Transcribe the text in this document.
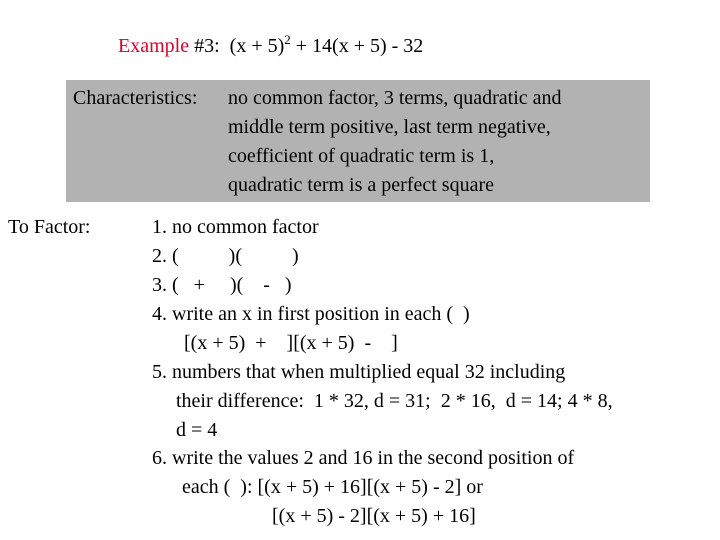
Example #3: $(x + 5)^2 + 14(x + 5) - 32$
Characteristics: no common factor, 3 terms, quadratic and
middle term positive, last term negative,
coefficient of quadratic term is 1,
quadratic term is a perfect square
To Factor:	1. no common factor
2. (          )(          )
3. (   +     )(    -   )
4. write an x in first position in each (  )
[(x + 5)  +    ][(x + 5)  -    ]
5. numbers that when multiplied equal 32 including
their difference:  1 * 32, d = 31;  2 * 16,  d = 14; 4 * 8,
d = 4
6. write the values 2 and 16 in the second position of
each (  ): [(x + 5) + 16][(x + 5) - 2] or
[(x + 5) - 2][(x + 5) + 16]
